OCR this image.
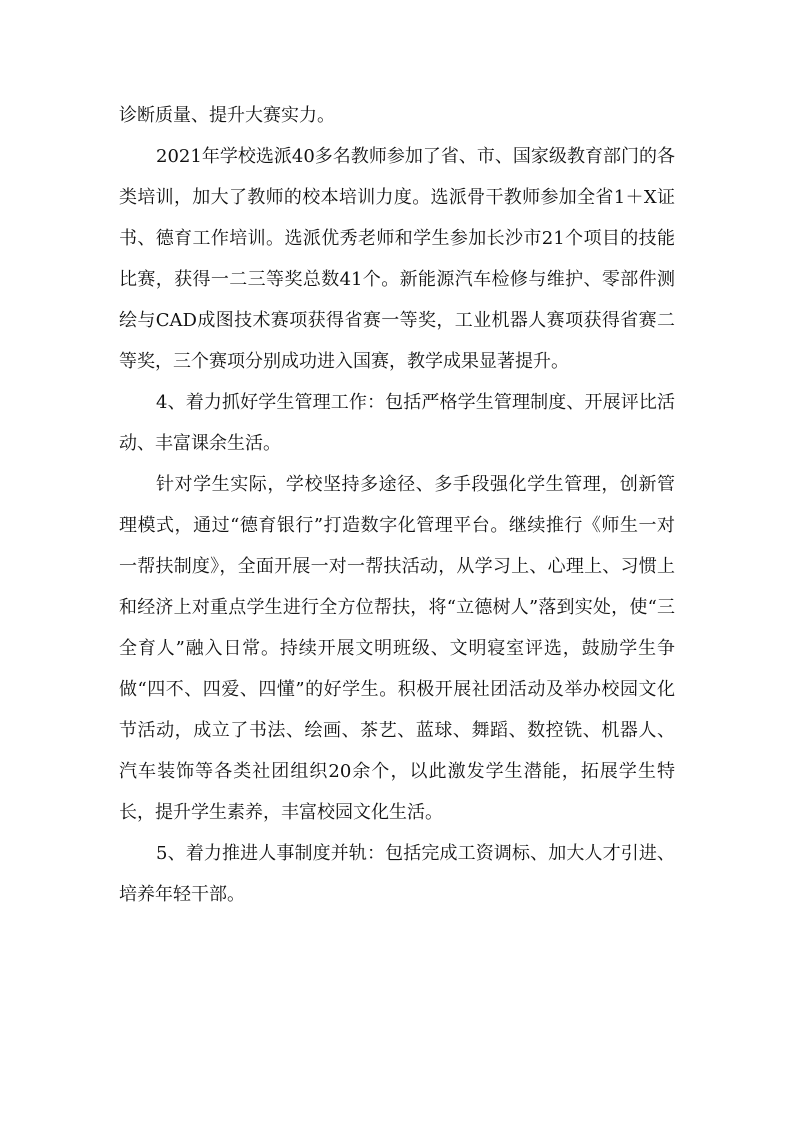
诊断质量、提升大赛实力。

2021年学校选派40多名教师参加了省、市、国家级教育部门的各类培训，加大了教师的校本培训力度。选派骨干教师参加全省1＋X证书、德育工作培训。选派优秀老师和学生参加长沙市21个项目的技能比赛，获得一二三等奖总数41个。新能源汽车检修与维护、零部件测绘与CAD成图技术赛项获得省赛一等奖，工业机器人赛项获得省赛二等奖，三个赛项分别成功进入国赛，教学成果显著提升。

4、着力抓好学生管理工作：包括严格学生管理制度、开展评比活动、丰富课余生活。

针对学生实际，学校坚持多途径、多手段强化学生管理，创新管理模式，通过“德育银行”打造数字化管理平台。继续推行《师生一对一帮扶制度》，全面开展一对一帮扶活动，从学习上、心理上、习惯上和经济上对重点学生进行全方位帮扶，将“立德树人”落到实处，使“三全育人”融入日常。持续开展文明班级、文明寝室评选，鼓励学生争做“四不、四爱、四懂”的好学生。积极开展社团活动及举办校园文化节活动，成立了书法、绘画、茶艺、蓝球、舞蹈、数控铣、机器人、汽车装饰等各类社团组织20余个，以此激发学生潜能，拓展学生特长，提升学生素养，丰富校园文化生活。

5、着力推进人事制度并轨：包括完成工资调标、加大人才引进、培养年轻干部。
